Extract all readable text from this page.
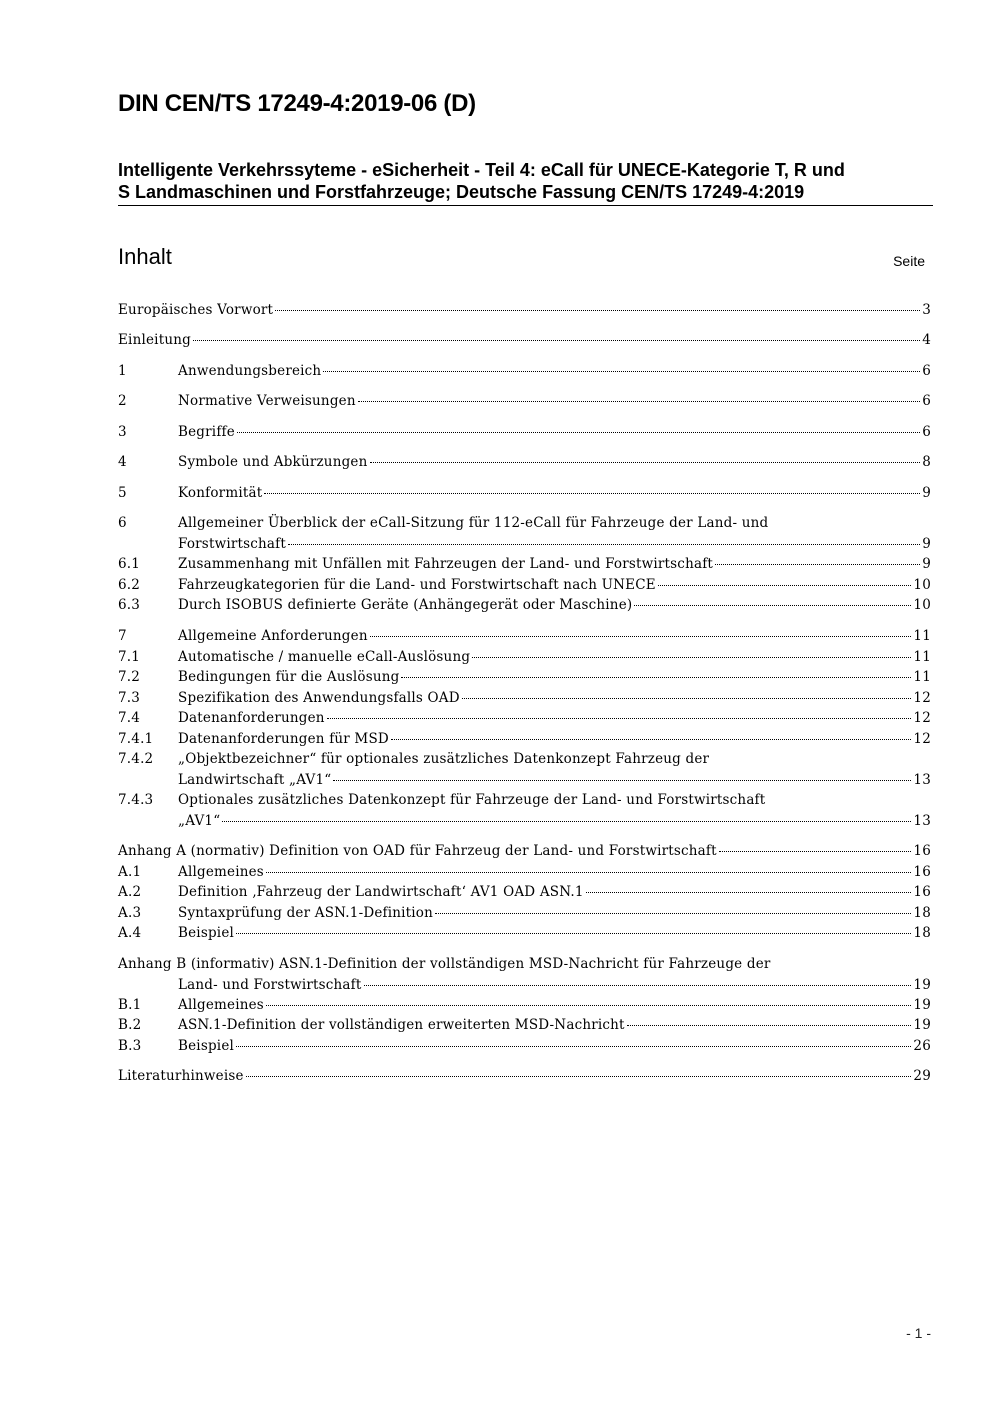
DIN CEN/TS 17249-4:2019-06 (D)
Intelligente Verkehrssyteme - eSicherheit - Teil 4: eCall für UNECE-Kategorie T, R und
S Landmaschinen und Forstfahrzeuge; Deutsche Fassung CEN/TS 17249-4:2019
Inhalt	Seite
Europäisches Vorwort	3
Einleitung	4
1	Anwendungsbereich	6
2	Normative Verweisungen	6
3	Begriffe	6
4	Symbole und Abkürzungen	8
5	Konformität	9
6	Allgemeiner Überblick der eCall-Sitzung für 112-eCall für Fahrzeuge der Land- und
Forstwirtschaft	9
6.1	Zusammenhang mit Unfällen mit Fahrzeugen der Land- und Forstwirtschaft	9
6.2	Fahrzeugkategorien für die Land- und Forstwirtschaft nach UNECE	10
6.3	Durch ISOBUS definierte Geräte (Anhängegerät oder Maschine)	10
7	Allgemeine Anforderungen	11
7.1	Automatische / manuelle eCall-Auslösung	11
7.2	Bedingungen für die Auslösung	11
7.3	Spezifikation des Anwendungsfalls OAD	12
7.4	Datenanforderungen	12
7.4.1 Datenanforderungen für MSD	12
7.4.2 „Objektbezeichner“ für optionales zusätzliches Datenkonzept Fahrzeug der
Landwirtschaft „AV1“	13
7.4.3 Optionales zusätzliches Datenkonzept für Fahrzeuge der Land- und Forstwirtschaft
„AV1“	13
Anhang A (normativ) Definition von OAD für Fahrzeug der Land- und Forstwirtschaft	16
A.1	Allgemeines	16
A.2	Definition ‚Fahrzeug der Landwirtschaft‘ AV1 OAD ASN.1	16
A.3	Syntaxprüfung der ASN.1-Definition	18
A.4	Beispiel	18
Anhang B (informativ) ASN.1-Definition der vollständigen MSD-Nachricht für Fahrzeuge der
Land- und Forstwirtschaft	19
B.1	Allgemeines	19
B.2	ASN.1-Definition der vollständigen erweiterten MSD-Nachricht	19
B.3	Beispiel	26
Literaturhinweise	29
- 1 -
